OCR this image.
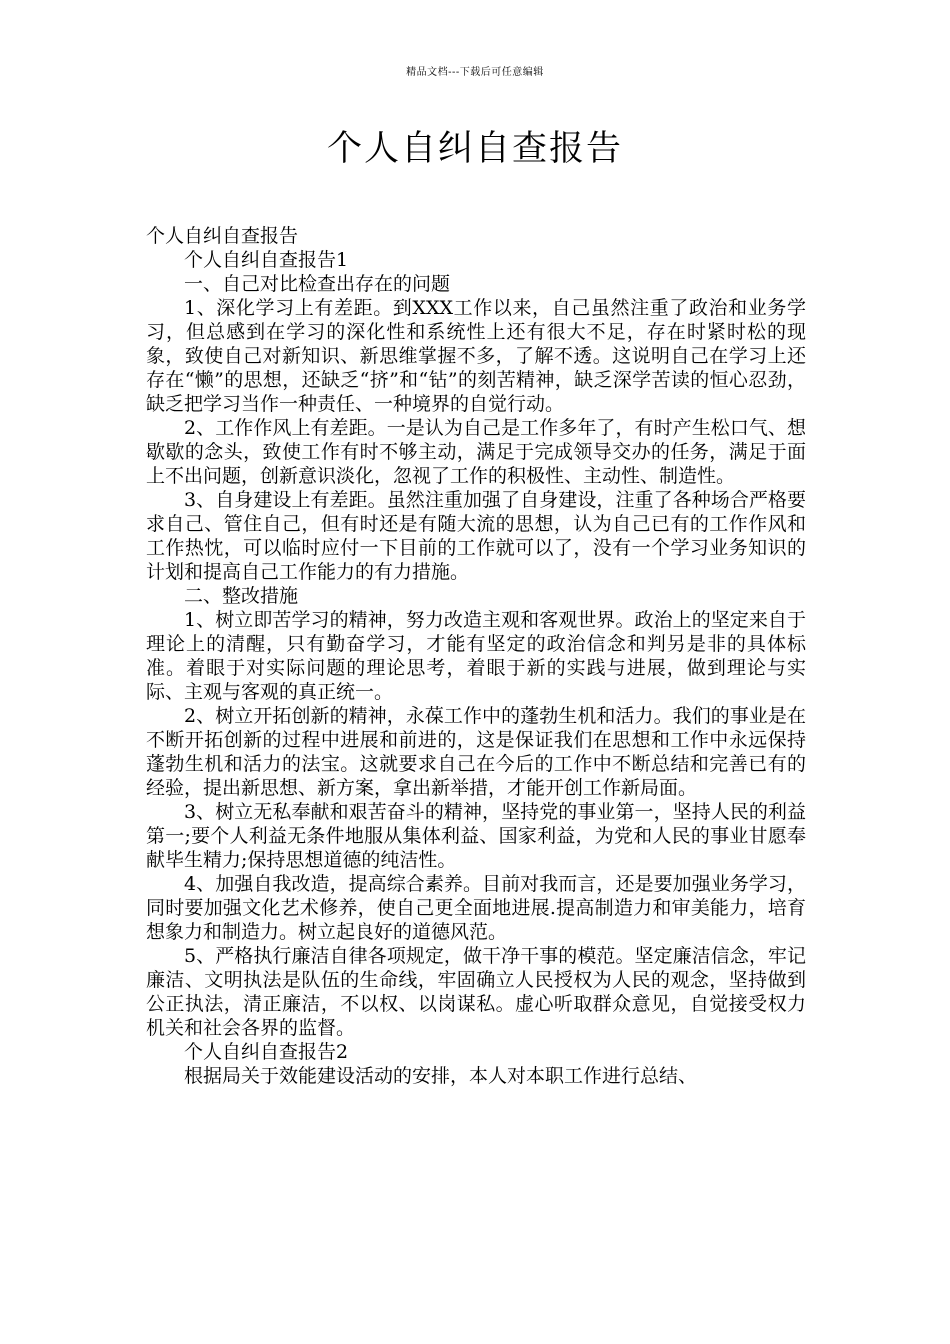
精品文档---下载后可任意编辑
个人自纠自查报告

个人自纠自查报告

个人自纠自查报告1

一、自己对比检查出存在的问题

1、深化学习上有差距。到XXX工作以来，自己虽然注重了政治和业务学习，但总感到在学习的深化性和系统性上还有很大不足，存在时紧时松的现象，致使自己对新知识、新思维掌握不多，了解不透。这说明自己在学习上还存在“懒”的思想，还缺乏“挤”和“钻”的刻苦精神，缺乏深学苦读的恒心忍劲，缺乏把学习当作一种责任、一种境界的自觉行动。

2、工作作风上有差距。一是认为自己是工作多年了，有时产生松口气、想歇歇的念头，致使工作有时不够主动，满足于完成领导交办的任务，满足于面上不出问题，创新意识淡化，忽视了工作的积极性、主动性、制造性。

3、自身建设上有差距。虽然注重加强了自身建设，注重了各种场合严格要求自己、管住自己，但有时还是有随大流的思想，认为自己已有的工作作风和工作热忱，可以临时应付一下目前的工作就可以了，没有一个学习业务知识的计划和提高自己工作能力的有力措施。

二、整改措施

1、树立即苦学习的精神，努力改造主观和客观世界。政治上的坚定来自于理论上的清醒，只有勤奋学习，才能有坚定的政治信念和判另是非的具体标准。着眼于对实际问题的理论思考，着眼于新的实践与进展，做到理论与实际、主观与客观的真正统一。

2、树立开拓创新的精神，永葆工作中的蓬勃生机和活力。我们的事业是在不断开拓创新的过程中进展和前进的，这是保证我们在思想和工作中永远保持蓬勃生机和活力的法宝。这就要求自己在今后的工作中不断总结和完善已有的经验，提出新思想、新方案，拿出新举措，才能开创工作新局面。

3、树立无私奉献和艰苦奋斗的精神，坚持党的事业第一，坚持人民的利益第一;要个人利益无条件地服从集体利益、国家利益，为党和人民的事业甘愿奉献毕生精力;保持思想道德的纯洁性。

4、加强自我改造，提高综合素养。目前对我而言，还是要加强业务学习，同时要加强文化艺术修养，使自己更全面地进展.提高制造力和审美能力，培育想象力和制造力。树立起良好的道德风范。

5、严格执行廉洁自律各项规定，做干净干事的模范。坚定廉洁信念，牢记廉洁、文明执法是队伍的生命线，牢固确立人民授权为人民的观念，坚持做到公正执法，清正廉洁，不以权、以岗谋私。虚心听取群众意见，自觉接受权力机关和社会各界的监督。

个人自纠自查报告2

根据局关于效能建设活动的安排，本人对本职工作进行总结、
